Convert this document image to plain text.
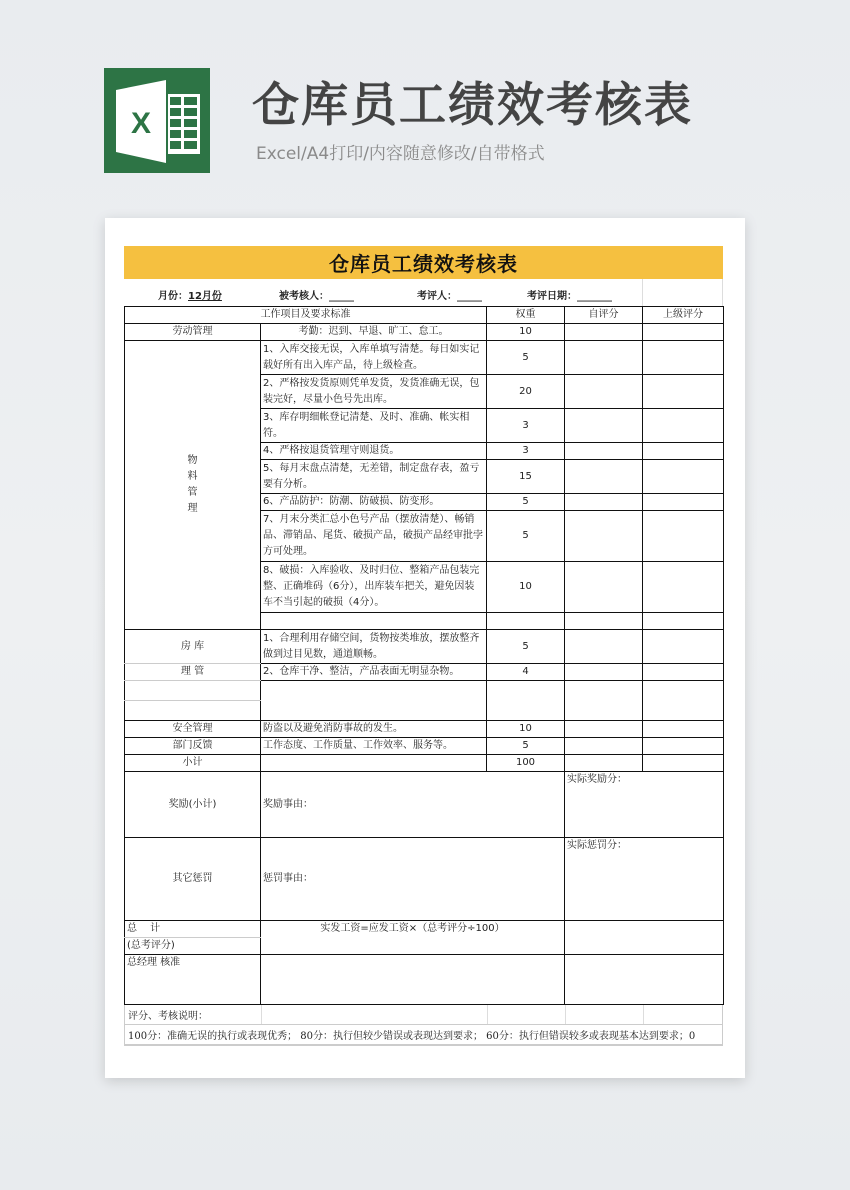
X 仓库员工绩效考核表
Excel/A4打印/内容随意修改/自带格式
仓库员工绩效考核表
月份：12月份	被考核人：_____	考评人：_____	考评日期：_______
工作项目及要求标准		权重	自评分	上级评分
劳动管理	考勤：迟到、早退、旷工、怠工。	10		
物
料
管
理	1、入库交接无误，入库单填写清楚。每日如实记载好所有出入库产品，待上级检查。	5		
	2、严格按发货原则凭单发货，发货准确无误，包装完好，尽量小色号先出库。	20		
	3、库存明细帐登记清楚、及时、准确、帐实相符。	3		
	4、严格按退货管理守则退货。	3		
	5、每月末盘点清楚，无差错，制定盘存表，盈亏要有分析。	15		
	6、产品防护：防潮、防破损、防变形。	5		
	7、月末分类汇总小色号产品（摆放清楚）、畅销品、滞销品、尾货、破损产品，破损产品经审批孛方可处理。	5		
	8、破损：入库验收、及时归位、整箱产品包装完整、正确堆码（6分），出库装车把关，避免因装车不当引起的破损（4分）。	10		

房 库	1、合理利用存储空间，货物按类堆放，摆放整齐做到过目见数，通道顺畅。	5		
理 管	2、仓库干净、整洁，产品表面无明显杂物。	4		

安全管理	防盗以及避免消防事故的发生。	10		
部门反馈	工作态度、工作质量、工作效率、服务等。	5		
小计		100		
奖励(小计)	奖励事由：		实际奖励分：	
其它惩罚	惩罚事由：		实际惩罚分：	
总　 计	实发工资=应发工资×（总考评分÷100）			
(总考评分)				
总经理 核准				
评分、考核说明：
100分：准确无误的执行或表现优秀； 80分：执行但较少错误或表现达到要求； 60分：执行但错误较多或表现基本达到要求；0
